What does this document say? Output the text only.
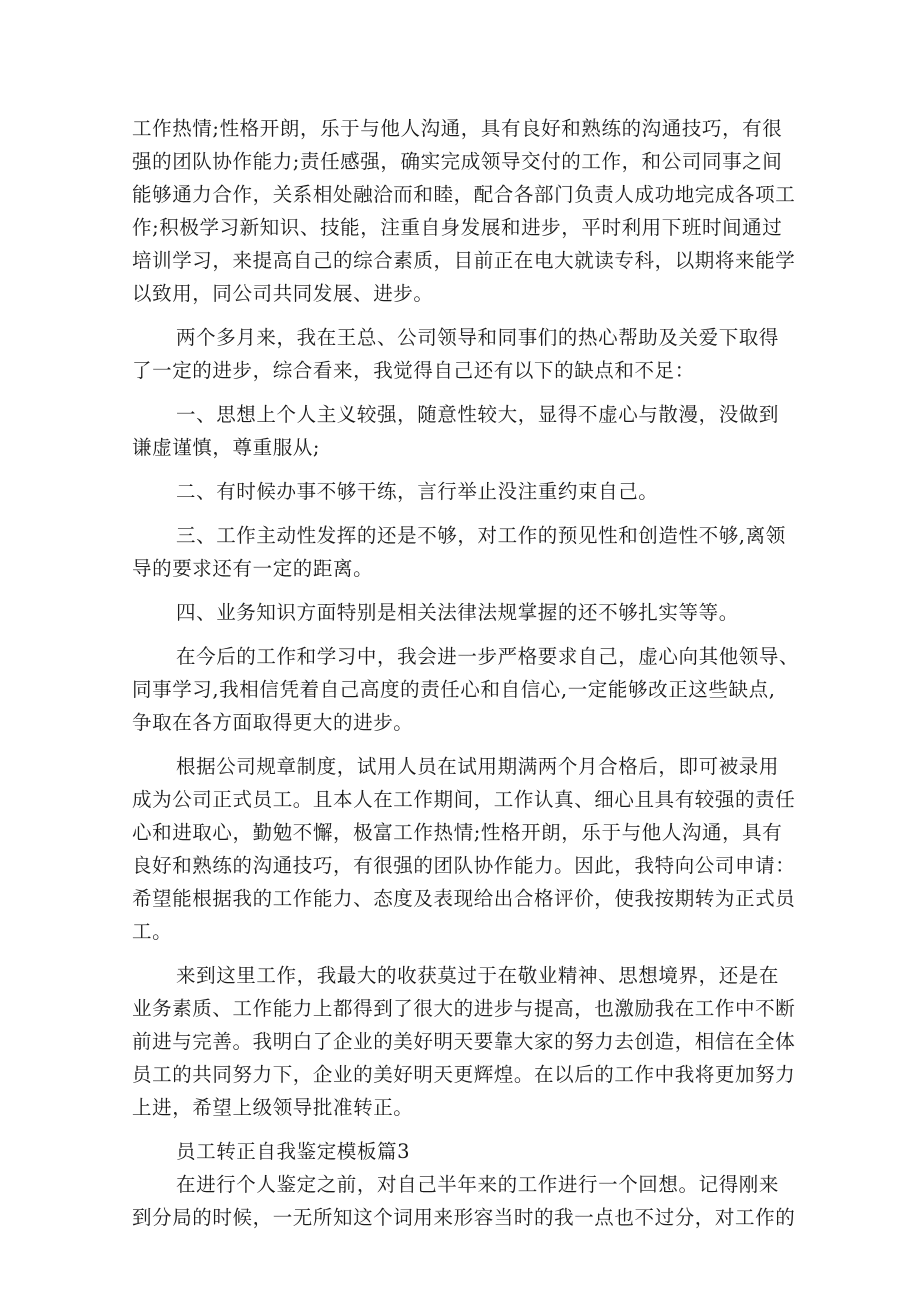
工作热情;性格开朗，乐于与他人沟通，具有良好和熟练的沟通技巧，有很
强的团队协作能力;责任感强，确实完成领导交付的工作，和公司同事之间
能够通力合作，关系相处融洽而和睦，配合各部门负责人成功地完成各项工
作;积极学习新知识、技能，注重自身发展和进步，平时利用下班时间通过
培训学习，来提高自己的综合素质，目前正在电大就读专科，以期将来能学
以致用，同公司共同发展、进步。
两个多月来，我在王总、公司领导和同事们的热心帮助及关爱下取得
了一定的进步，综合看来，我觉得自己还有以下的缺点和不足：
一、思想上个人主义较强，随意性较大，显得不虚心与散漫，没做到
谦虚谨慎，尊重服从;
二、有时候办事不够干练，言行举止没注重约束自己。
三、工作主动性发挥的还是不够，对工作的预见性和创造性不够,离领
导的要求还有一定的距离。
四、业务知识方面特别是相关法律法规掌握的还不够扎实等等。
在今后的工作和学习中，我会进一步严格要求自己，虚心向其他领导、
同事学习,我相信凭着自己高度的责任心和自信心,一定能够改正这些缺点,
争取在各方面取得更大的进步。
根据公司规章制度，试用人员在试用期满两个月合格后，即可被录用
成为公司正式员工。且本人在工作期间，工作认真、细心且具有较强的责任
心和进取心，勤勉不懈，极富工作热情;性格开朗，乐于与他人沟通，具有
良好和熟练的沟通技巧，有很强的团队协作能力。因此，我特向公司申请：
希望能根据我的工作能力、态度及表现给出合格评价，使我按期转为正式员
工。
来到这里工作，我最大的收获莫过于在敬业精神、思想境界，还是在
业务素质、工作能力上都得到了很大的进步与提高，也激励我在工作中不断
前进与完善。我明白了企业的美好明天要靠大家的努力去创造，相信在全体
员工的共同努力下，企业的美好明天更辉煌。在以后的工作中我将更加努力
上进，希望上级领导批准转正。
员工转正自我鉴定模板篇3
在进行个人鉴定之前，对自己半年来的工作进行一个回想。记得刚来
到分局的时候，一无所知这个词用来形容当时的我一点也不过分，对工作的
